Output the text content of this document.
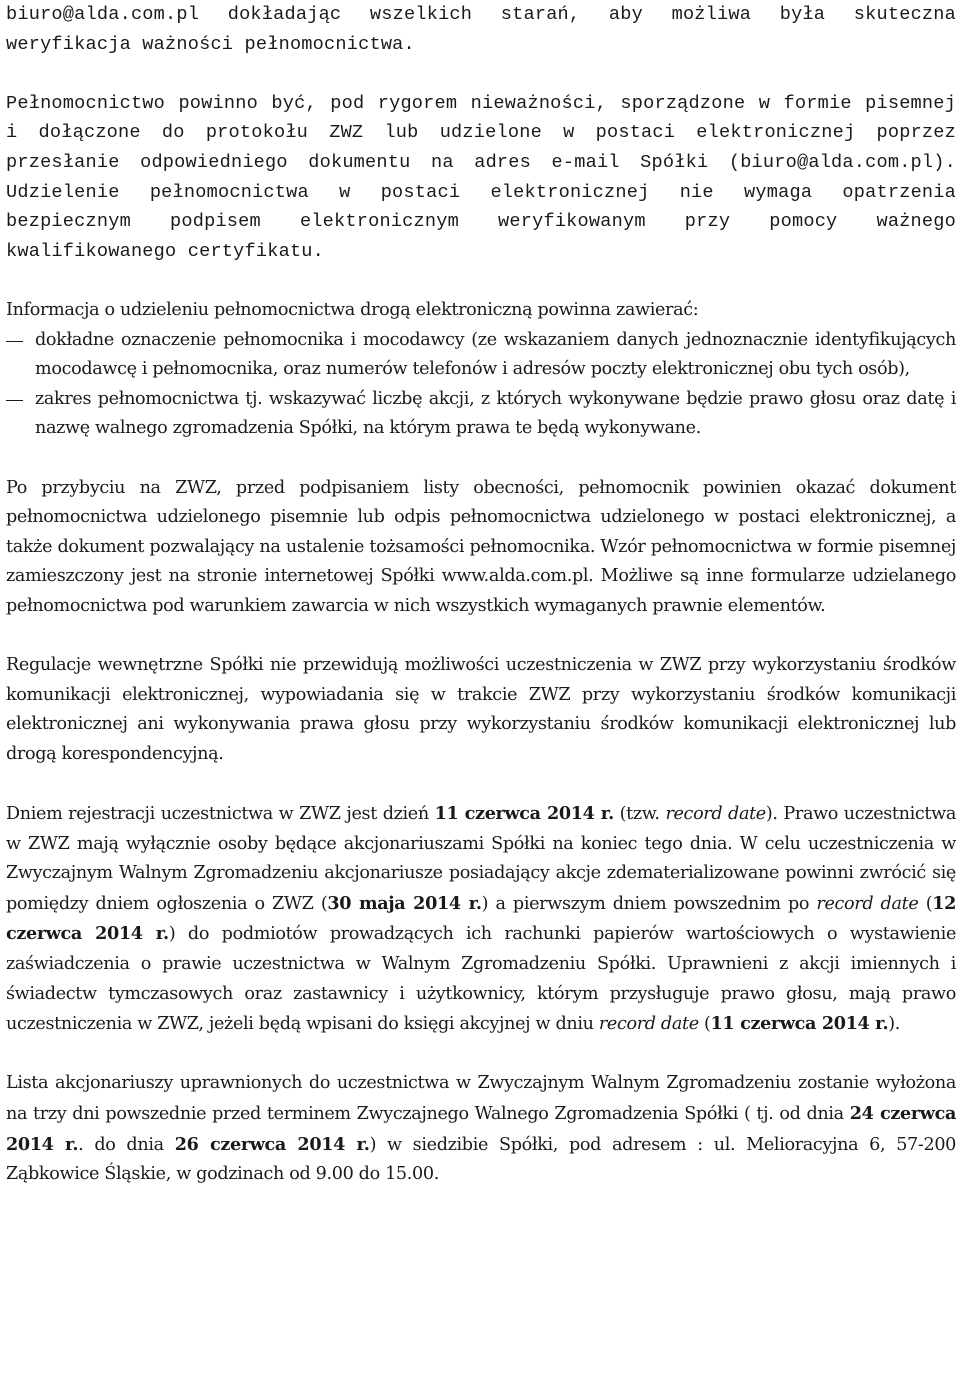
biuro@alda.com.pl dokładając wszelkich starań, aby możliwa była skuteczna weryfikacja ważności pełnomocnictwa.

Pełnomocnictwo powinno być, pod rygorem nieważności, sporządzone w formie pisemnej i dołączone do protokołu ZWZ lub udzielone w postaci elektronicznej poprzez przesłanie odpowiedniego dokumentu na adres e-mail Spółki (biuro@alda.com.pl). Udzielenie pełnomocnictwa w postaci elektronicznej nie wymaga opatrzenia bezpiecznym podpisem elektronicznym weryfikowanym przy pomocy ważnego kwalifikowanego certyfikatu.

Informacja o udzieleniu pełnomocnictwa drogą elektroniczną powinna zawierać:

dokładne oznaczenie pełnomocnika i mocodawcy (ze wskazaniem danych jednoznacznie identyfikujących mocodawcę i pełnomocnika, oraz numerów telefonów i adresów poczty elektronicznej obu tych osób),
zakres pełnomocnictwa tj. wskazywać liczbę akcji, z których wykonywane będzie prawo głosu oraz datę i nazwę walnego zgromadzenia Spółki, na którym prawa te będą wykonywane.

Po przybyciu na ZWZ, przed podpisaniem listy obecności, pełnomocnik powinien okazać dokument pełnomocnictwa udzielonego pisemnie lub odpis pełnomocnictwa udzielonego w postaci elektronicznej, a także dokument pozwalający na ustalenie tożsamości pełnomocnika. Wzór pełnomocnictwa w formie pisemnej zamieszczony jest na stronie internetowej Spółki www.alda.com.pl. Możliwe są inne formularze udzielanego pełnomocnictwa pod warunkiem zawarcia w nich wszystkich wymaganych prawnie elementów.

Regulacje wewnętrzne Spółki nie przewidują możliwości uczestniczenia w ZWZ przy wykorzystaniu środków komunikacji elektronicznej, wypowiadania się w trakcie ZWZ przy wykorzystaniu środków komunikacji elektronicznej ani wykonywania prawa głosu przy wykorzystaniu środków komunikacji elektronicznej lub drogą korespondencyjną.

Dniem rejestracji uczestnictwa w ZWZ jest dzień 11 czerwca 2014 r. (tzw. record date). Prawo uczestnictwa w ZWZ mają wyłącznie osoby będące akcjonariuszami Spółki na koniec tego dnia. W celu uczestniczenia w Zwyczajnym Walnym Zgromadzeniu akcjonariusze posiadający akcje zdematerializowane powinni zwrócić się pomiędzy dniem ogłoszenia o ZWZ (30 maja 2014 r.) a pierwszym dniem powszednim po record date (12 czerwca 2014 r.) do podmiotów prowadzących ich rachunki papierów wartościowych o wystawienie zaświadczenia o prawie uczestnictwa w Walnym Zgromadzeniu Spółki. Uprawnieni z akcji imiennych i świadectw tymczasowych oraz zastawnicy i użytkownicy, którym przysługuje prawo głosu, mają prawo uczestniczenia w ZWZ, jeżeli będą wpisani do księgi akcyjnej w dniu record date (11 czerwca 2014 r.).

Lista akcjonariuszy uprawnionych do uczestnictwa w Zwyczajnym Walnym Zgromadzeniu zostanie wyłożona na trzy dni powszednie przed terminem Zwyczajnego Walnego Zgromadzenia Spółki ( tj. od dnia 24 czerwca 2014 r.. do dnia 26 czerwca 2014 r.) w siedzibie Spółki, pod adresem : ul. Melioracyjna 6, 57-200 Ząbkowice Śląskie, w godzinach od 9.00 do 15.00.
